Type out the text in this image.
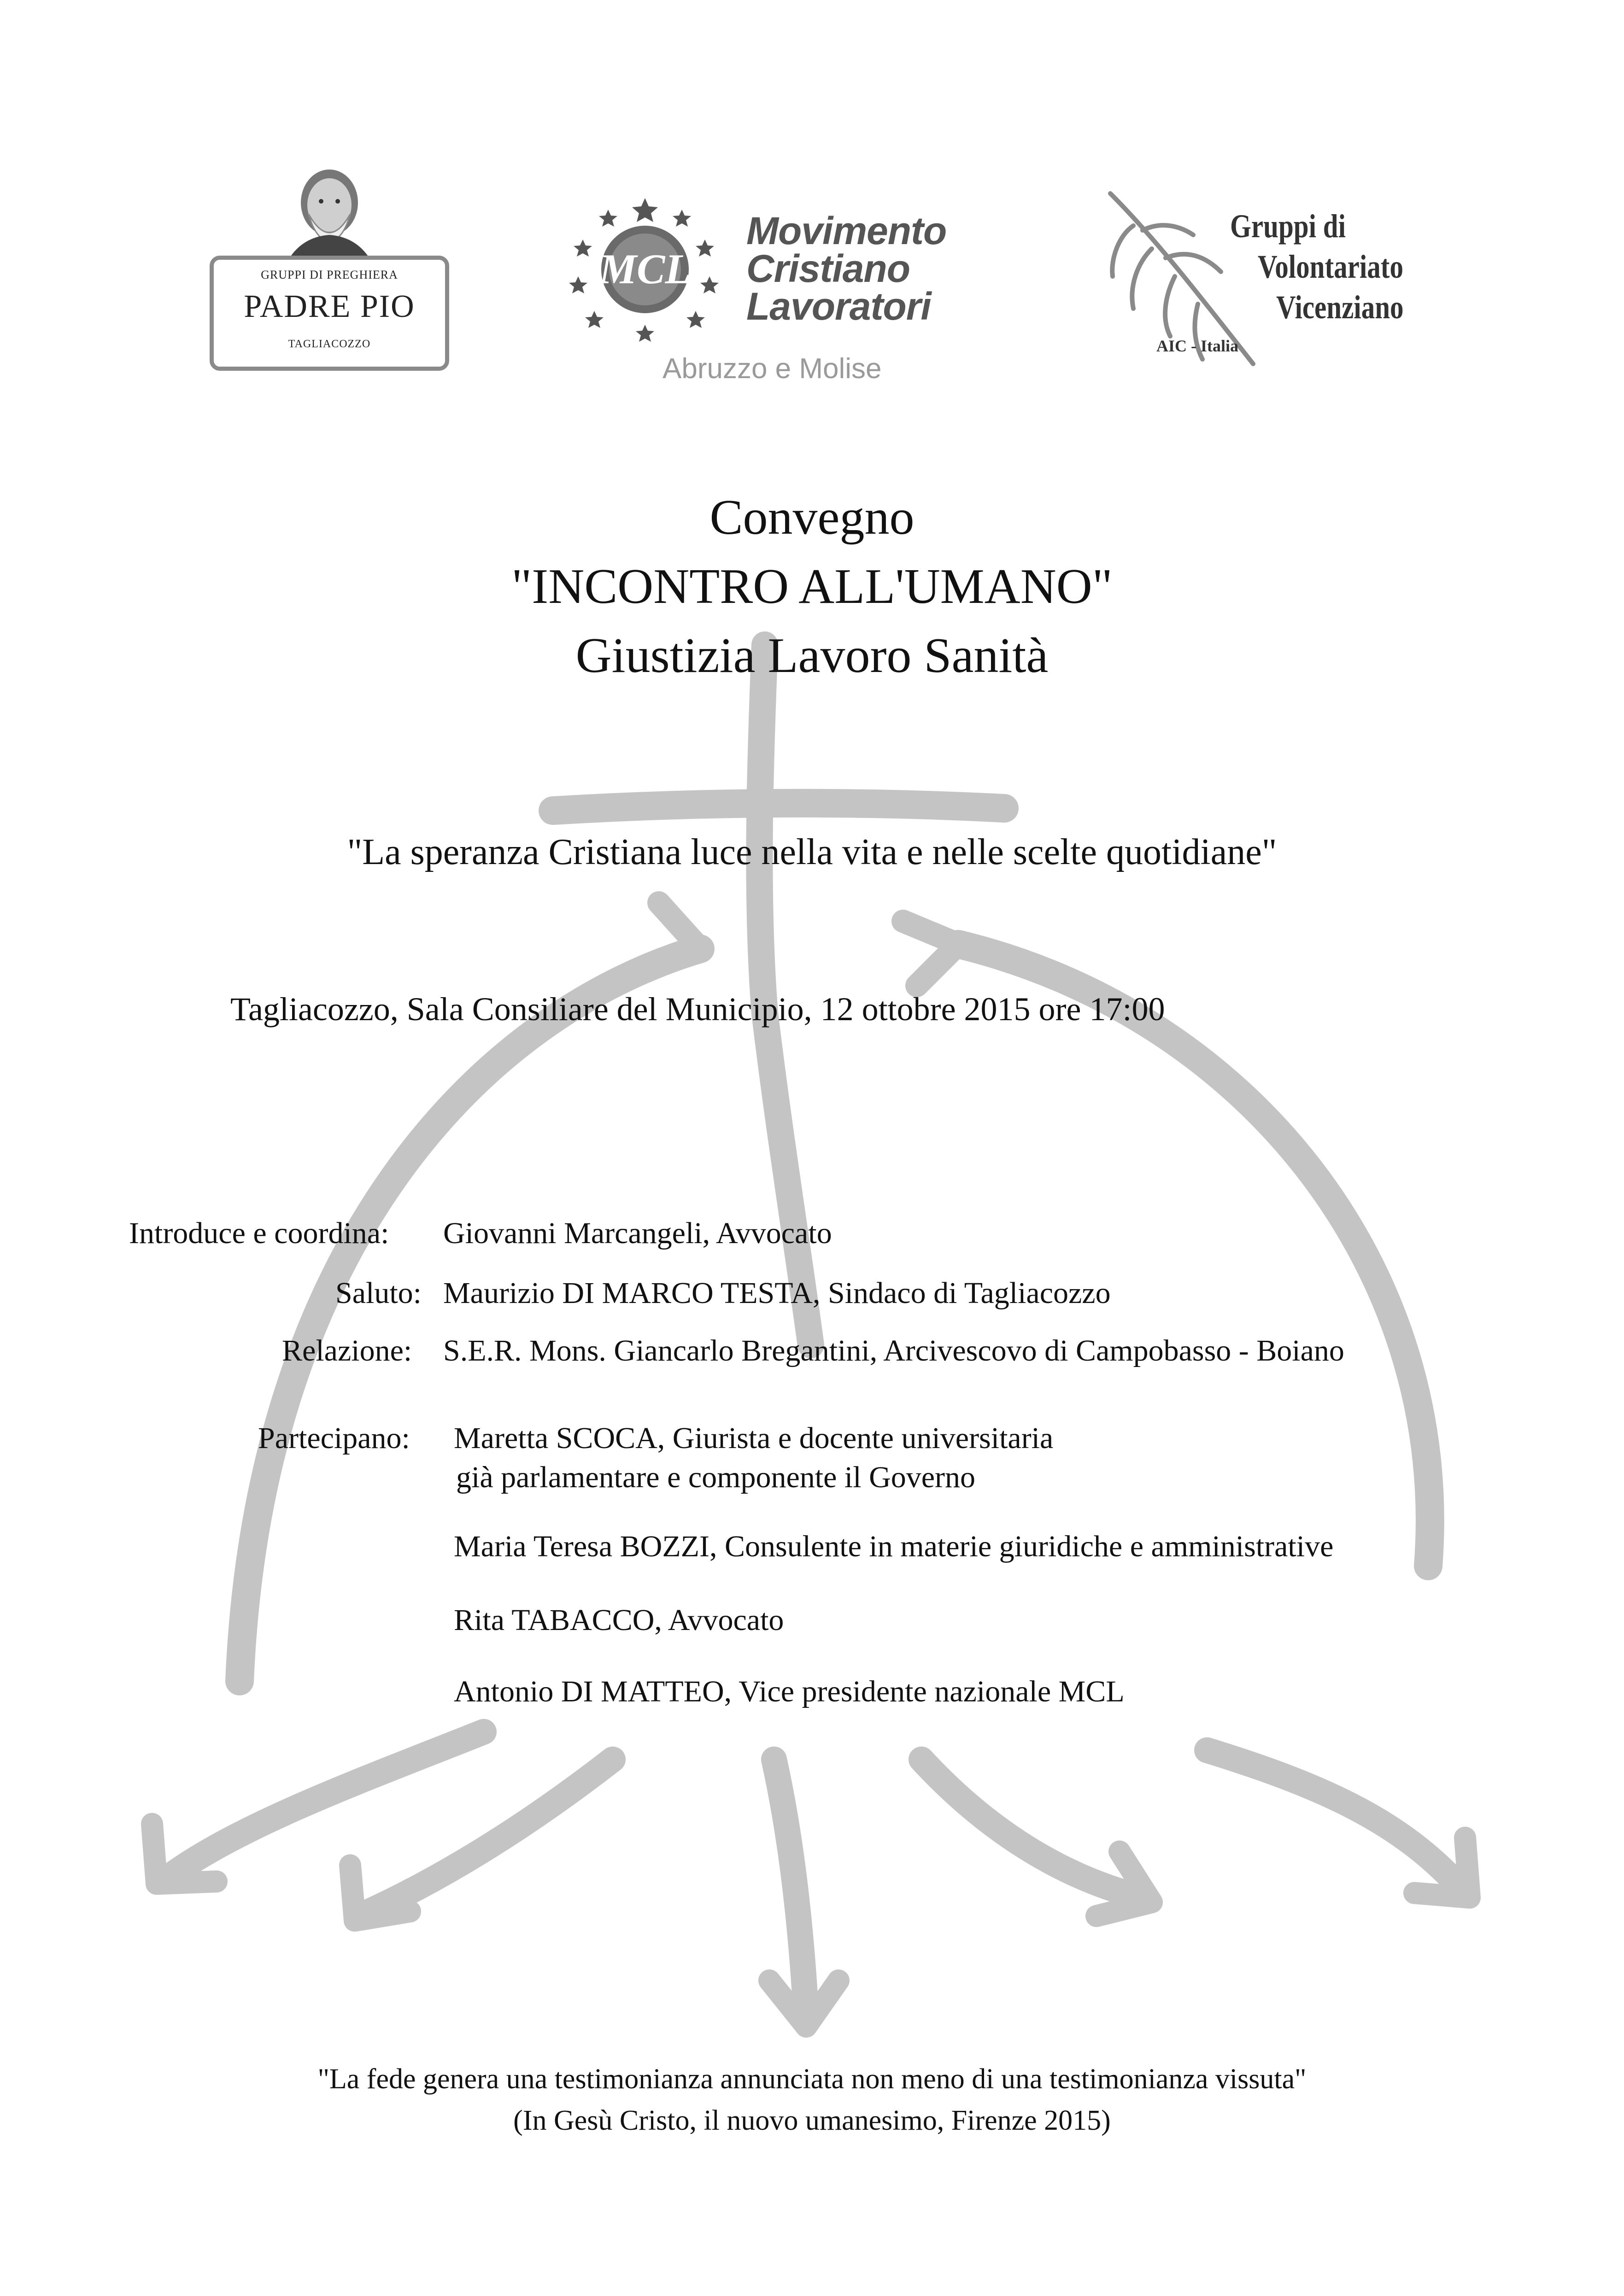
GRUPPI DI PREGHIERA
PADRE PIO
TAGLIACOZZO
MCL
Movimento
Cristiano
Lavoratori
Abruzzo e Molise
Gruppi di
Volontariato
Vicenziano
AIC - Italia
Convegno
"INCONTRO ALL'UMANO"
Giustizia Lavoro Sanità
"La speranza Cristiana luce nella vita e nelle scelte quotidiane"
Tagliacozzo, Sala Consiliare del Municipio, 12 ottobre 2015 ore 17:00
Introduce e coordina: Giovanni Marcangeli, Avvocato
Saluto: Maurizio DI MARCO TESTA, Sindaco di Tagliacozzo
Relazione: S.E.R. Mons. Giancarlo Bregantini, Arcivescovo di Campobasso - Boiano
Partecipano: Maretta SCOCA, Giurista e docente universitaria
già parlamentare e componente il Governo
Maria Teresa BOZZI, Consulente in materie giuridiche e amministrative
Rita TABACCO, Avvocato
Antonio DI MATTEO, Vice presidente nazionale MCL
"La fede genera una testimonianza annunciata non meno di una testimonianza vissuta"
(In Gesù Cristo, il nuovo umanesimo, Firenze 2015)
